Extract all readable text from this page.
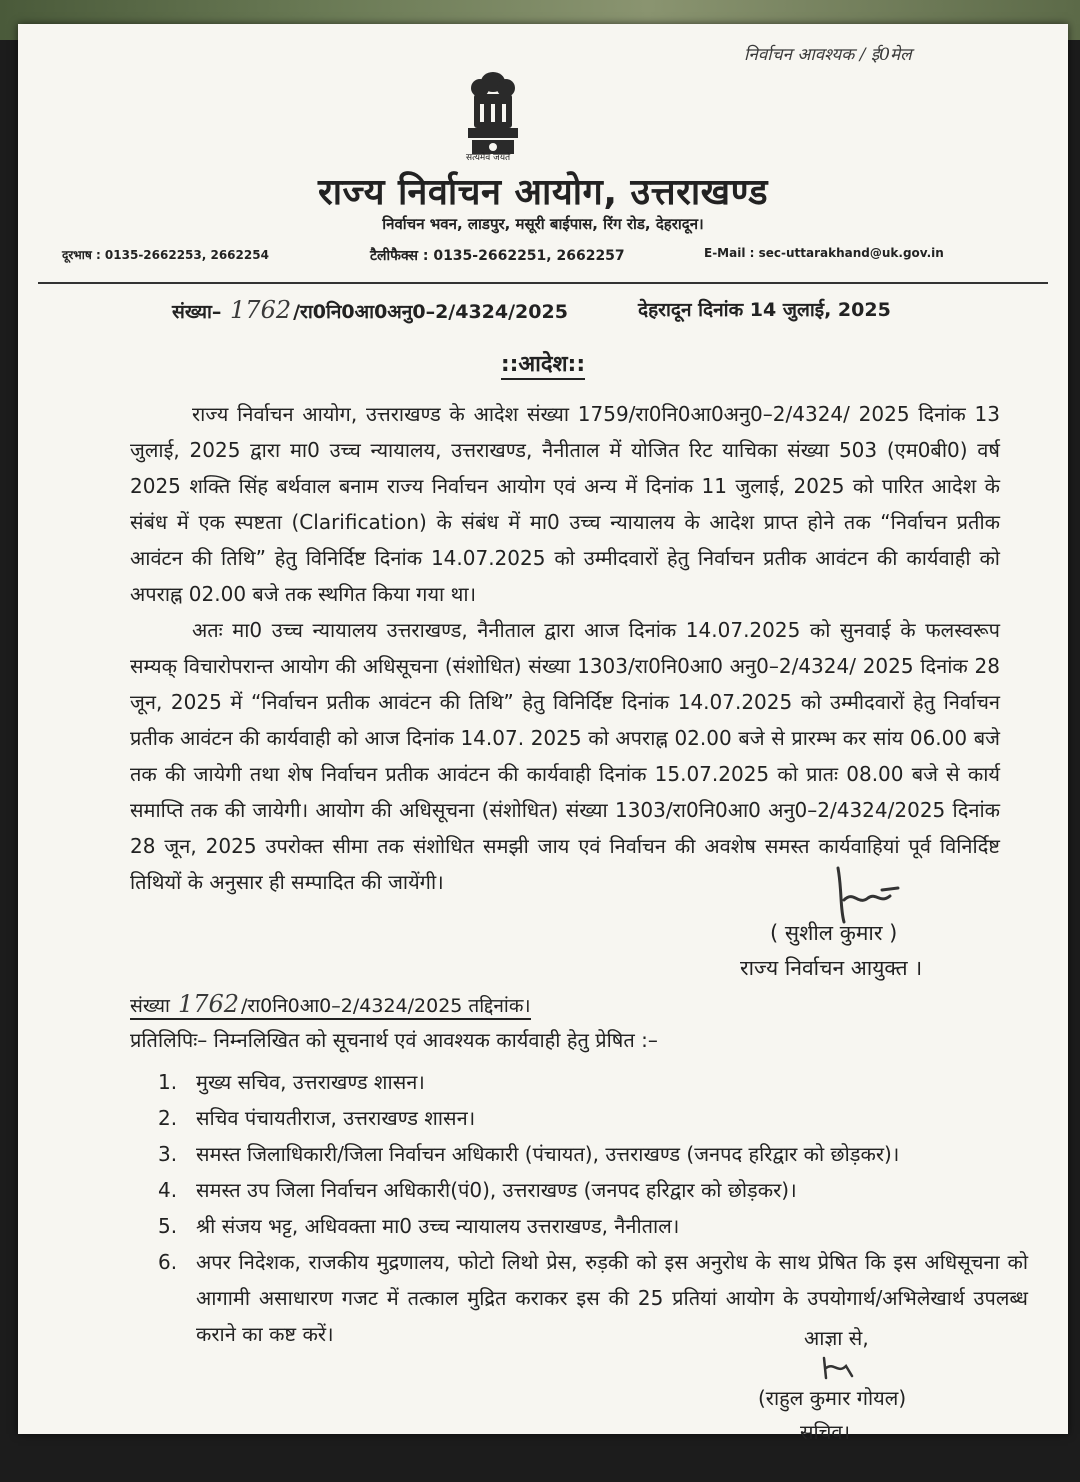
निर्वाचन आवश्यक / ई0मेल
सत्यमेव जयते
राज्य निर्वाचन आयोग, उत्तराखण्ड
निर्वाचन भवन, लाडपुर, मसूरी बाईपास, रिंग रोड, देहरादून।
दूरभाष : 0135-2662253, 2662254	टैलीफैक्स : 0135-2662251, 2662257	E-Mail : sec-uttarakhand@uk.gov.in
संख्या– 1762 /रा0नि0आ0अनु0–2/4324/2025	देहरादून दिनांक 14 जुलाई, 2025
::आदेश::
राज्य निर्वाचन आयोग, उत्तराखण्ड के आदेश संख्या 1759/रा0नि0आ0अनु0–2/4324/ 2025 दिनांक 13 जुलाई, 2025 द्वारा मा0 उच्च न्यायालय, उत्तराखण्ड, नैनीताल में योजित रिट याचिका संख्या 503 (एम0बी0) वर्ष 2025 शक्ति सिंह बर्थवाल बनाम राज्य निर्वाचन आयोग एवं अन्य में दिनांक 11 जुलाई, 2025 को पारित आदेश के संबंध में एक स्पष्टता (Clarification) के संबंध में मा0 उच्च न्यायालय के आदेश प्राप्त होने तक “निर्वाचन प्रतीक आवंटन की तिथि” हेतु विनिर्दिष्ट दिनांक 14.07.2025 को उम्मीदवारों हेतु निर्वाचन प्रतीक आवंटन की कार्यवाही को अपराह्न 02.00 बजे तक स्थगित किया गया था।
अतः मा0 उच्च न्यायालय उत्तराखण्ड, नैनीताल द्वारा आज दिनांक 14.07.2025 को सुनवाई के फलस्वरूप सम्यक् विचारोपरान्त आयोग की अधिसूचना (संशोधित) संख्या 1303/रा0नि0आ0 अनु0–2/4324/ 2025 दिनांक 28 जून, 2025 में “निर्वाचन प्रतीक आवंटन की तिथि” हेतु विनिर्दिष्ट दिनांक 14.07.2025 को उम्मीदवारों हेतु निर्वाचन प्रतीक आवंटन की कार्यवाही को आज दिनांक 14.07. 2025 को अपराह्न 02.00 बजे से प्रारम्भ कर सांय 06.00 बजे तक की जायेगी तथा शेष निर्वाचन प्रतीक आवंटन की कार्यवाही दिनांक 15.07.2025 को प्रातः 08.00 बजे से कार्य समाप्ति तक की जायेगी। आयोग की अधिसूचना (संशोधित) संख्या 1303/रा0नि0आ0 अनु0–2/4324/2025 दिनांक 28 जून, 2025 उपरोक्त सीमा तक संशोधित समझी जाय एवं निर्वाचन की अवशेष समस्त कार्यवाहियां पूर्व विनिर्दिष्ट तिथियों के अनुसार ही सम्पादित की जायेंगी।
( सुशील कुमार )
राज्य निर्वाचन आयुक्त ।
संख्या 1762 /रा0नि0आ0–2/4324/2025 तद्दिनांक।
प्रतिलिपिः– निम्नलिखित को सूचनार्थ एवं आवश्यक कार्यवाही हेतु प्रेषित :–
1. मुख्य सचिव, उत्तराखण्ड शासन।
2. सचिव पंचायतीराज, उत्तराखण्ड शासन।
3. समस्त जिलाधिकारी/जिला निर्वाचन अधिकारी (पंचायत), उत्तराखण्ड (जनपद हरिद्वार को छोड़कर)।
4. समस्त उप जिला निर्वाचन अधिकारी(पं0), उत्तराखण्ड (जनपद हरिद्वार को छोड़कर)।
5. श्री संजय भट्ट, अधिवक्ता मा0 उच्च न्यायालय उत्तराखण्ड, नैनीताल।
6. अपर निदेशक, राजकीय मुद्रणालय, फोटो लिथो प्रेस, रुड़की को इस अनुरोध के साथ प्रेषित कि इस अधिसूचना को आगामी असाधारण गजट में तत्काल मुद्रित कराकर इस की 25 प्रतियां आयोग के उपयोगार्थ/अभिलेखार्थ उपलब्ध कराने का कष्ट करें।	आज्ञा से,
(राहुल कुमार गोयल)
सचिव।
